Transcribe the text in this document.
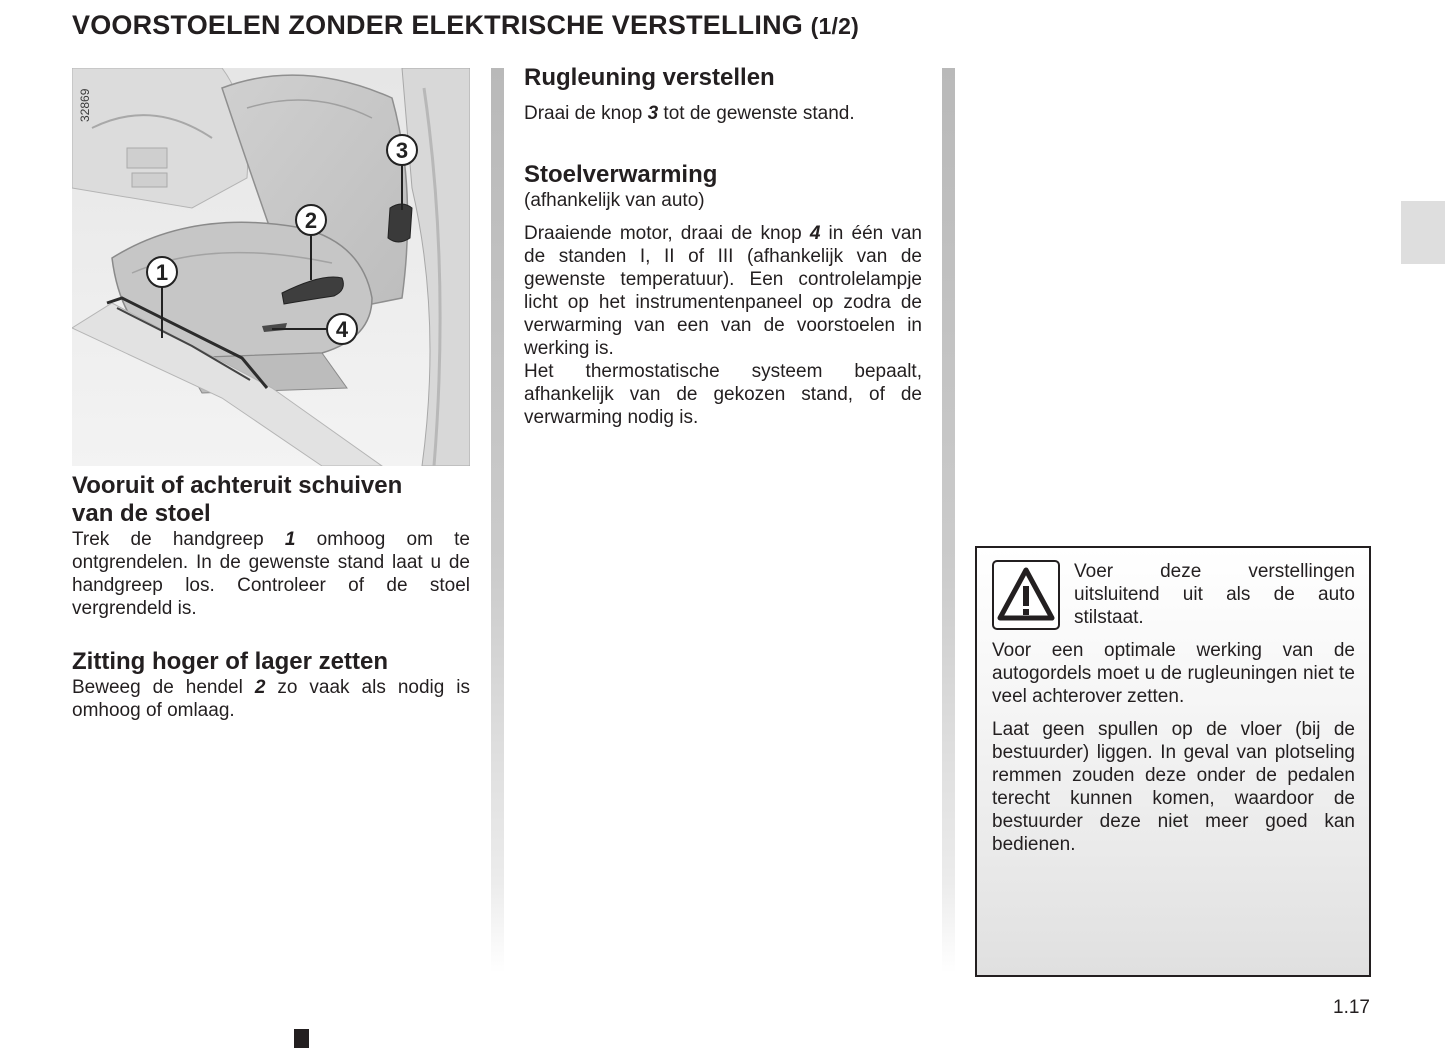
VOORSTOELEN ZONDER ELEKTRISCHE VERSTELLING (1/2)
1
2
3
4
32869
Vooruit of achteruit schuiven van de stoel

Trek de handgreep 1 omhoog om te ontgrendelen. In de gewenste stand laat u de handgreep los. Controleer of de stoel vergrendeld is.

Zitting hoger of lager zetten

Beweeg de hendel 2 zo vaak als nodig is omhoog of omlaag.

Rugleuning verstellen

Draai de knop 3 tot de gewenste stand.

Stoelverwarming
(afhankelijk van auto)

Draaiende motor, draai de knop 4 in één van de standen I, II of III (afhankelijk van de gewenste temperatuur). Een controlelampje licht op het instrumentenpaneel op zodra de verwarming van een van de voorstoelen in werking is.

Het thermostatische systeem bepaalt, afhankelijk van de gekozen stand, of de verwarming nodig is.

Voer deze verstellingen uitsluitend uit als de auto stilstaat.

Voor een optimale werking van de autogordels moet u de rugleuningen niet te veel achterover zetten.

Laat geen spullen op de vloer (bij de bestuurder) liggen. In geval van plotseling remmen zouden deze onder de pedalen terecht kunnen komen, waardoor de bestuurder deze niet meer goed kan bedienen.

1.17
